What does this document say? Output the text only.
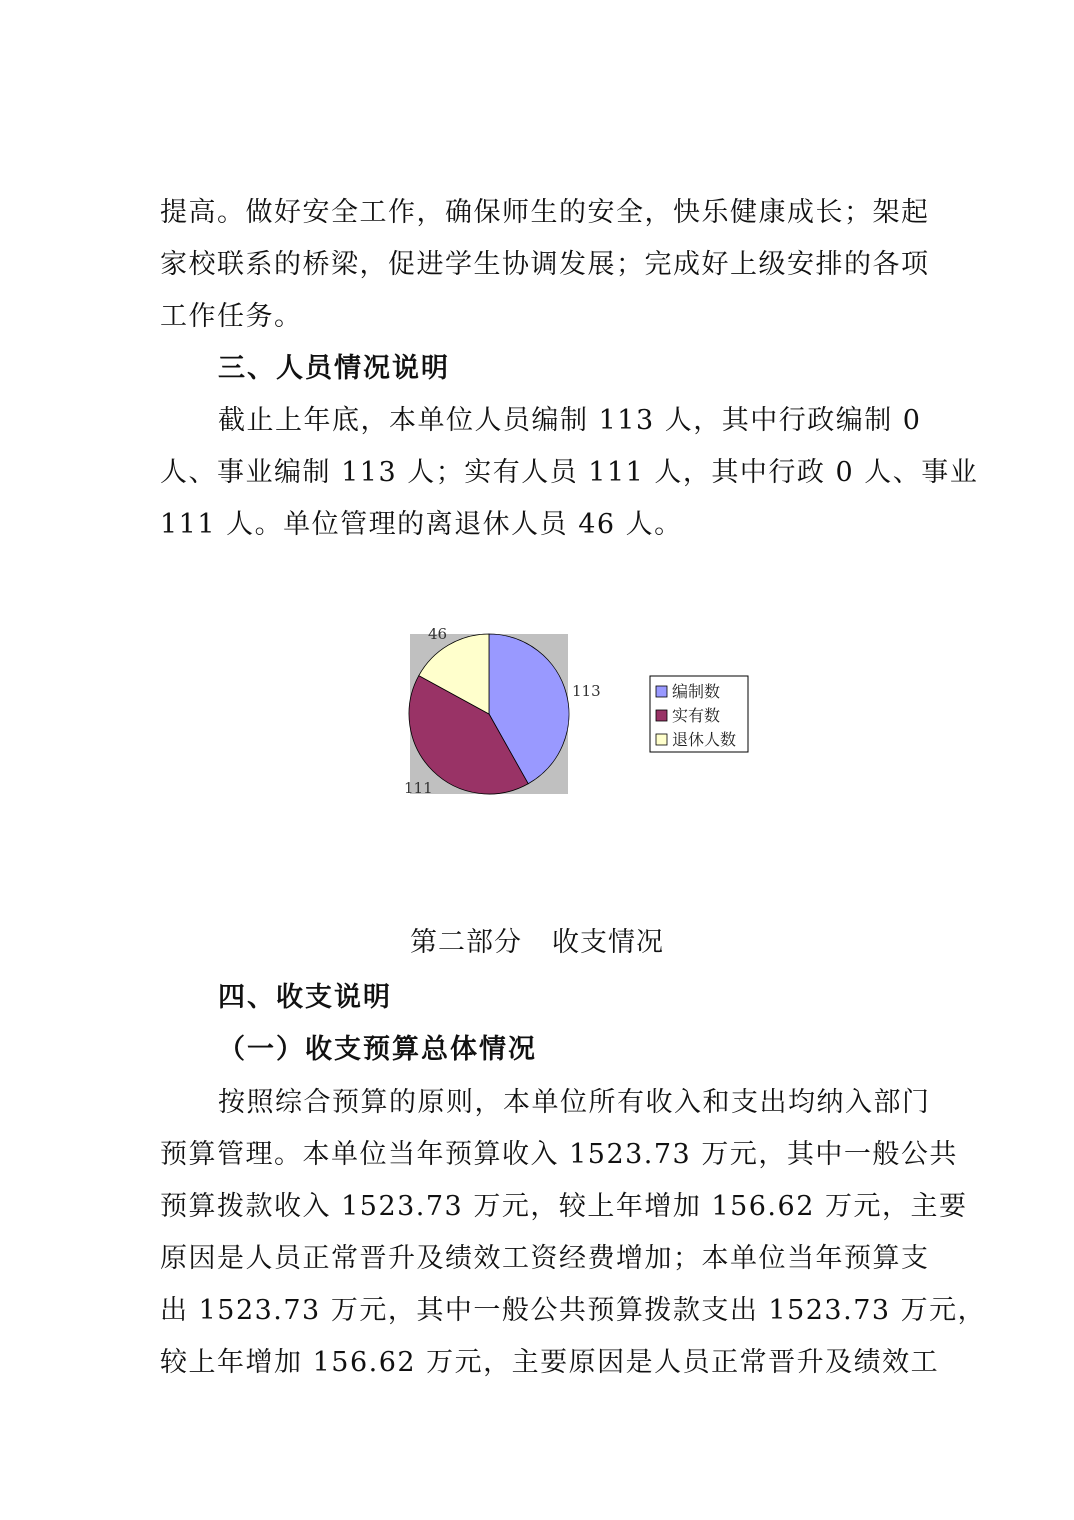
提高。做好安全工作，确保师生的安全，快乐健康成长；架起

家校联系的桥梁，促进学生协调发展；完成好上级安排的各项

工作任务。

三、人员情况说明

截止上年底，本单位人员编制 113 人，其中行政编制 0

人、事业编制 113 人；实有人员 111 人，其中行政 0 人、事业

111 人。单位管理的离退休人员 46 人。

113
111
46
编制数
实有数
退休人数

第二部分 收支情况

四、收支说明

（一）收支预算总体情况

按照综合预算的原则，本单位所有收入和支出均纳入部门

预算管理。本单位当年预算收入 1523.73 万元，其中一般公共

预算拨款收入 1523.73 万元，较上年增加 156.62 万元，主要

原因是人员正常晋升及绩效工资经费增加；本单位当年预算支

出 1523.73 万元，其中一般公共预算拨款支出 1523.73 万元，

较上年增加 156.62 万元，主要原因是人员正常晋升及绩效工
